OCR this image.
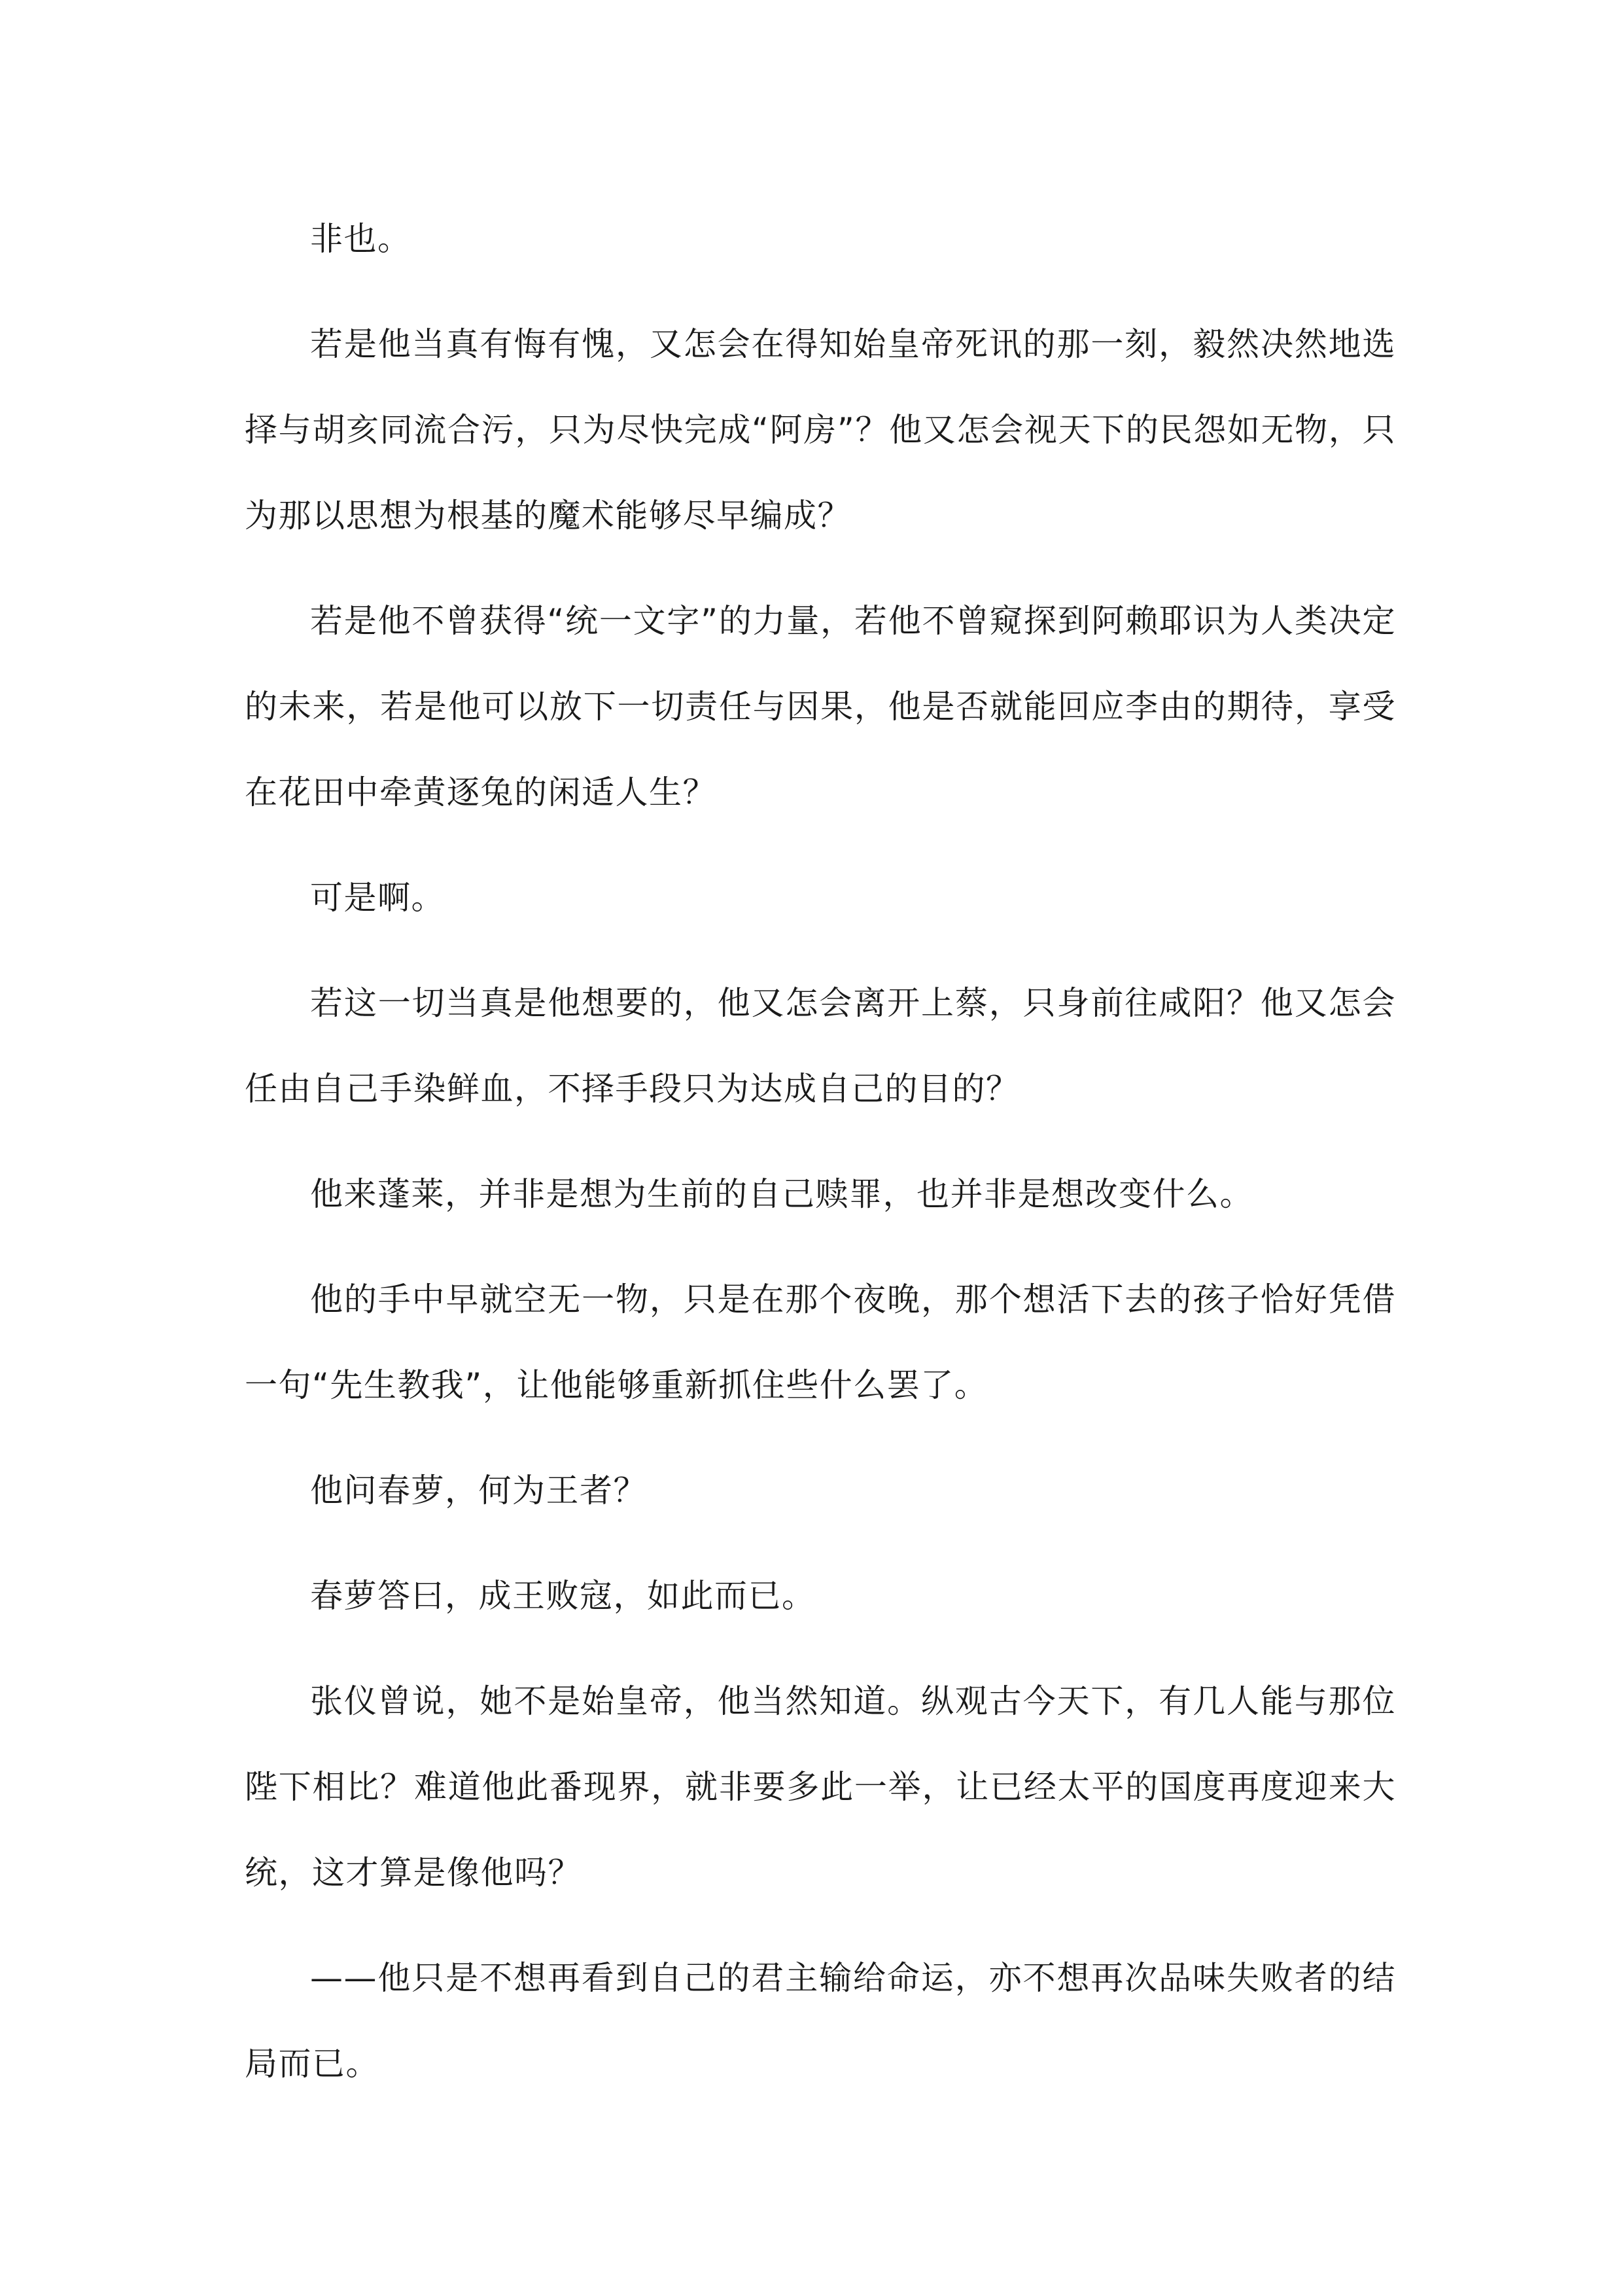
非也。

若是他当真有悔有愧，又怎会在得知始皇帝死讯的那一刻，毅然决然地选择与胡亥同流合污，只为尽快完成“阿房”？他又怎会视天下的民怨如无物，只为那以思想为根基的魔术能够尽早编成？

若是他不曾获得“统一文字”的力量，若他不曾窥探到阿赖耶识为人类决定的未来，若是他可以放下一切责任与因果，他是否就能回应李由的期待，享受在花田中牵黄逐兔的闲适人生？

可是啊。

若这一切当真是他想要的，他又怎会离开上蔡，只身前往咸阳？他又怎会任由自己手染鲜血，不择手段只为达成自己的目的？

他来蓬莱，并非是想为生前的自己赎罪，也并非是想改变什么。

他的手中早就空无一物，只是在那个夜晚，那个想活下去的孩子恰好凭借一句“先生教我”，让他能够重新抓住些什么罢了。

他问春萝，何为王者？

春萝答曰，成王败寇，如此而已。

张仪曾说，她不是始皇帝，他当然知道。纵观古今天下，有几人能与那位陛下相比？难道他此番现界，就非要多此一举，让已经太平的国度再度迎来大统，这才算是像他吗？

——他只是不想再看到自己的君主输给命运，亦不想再次品味失败者的结局而已。
